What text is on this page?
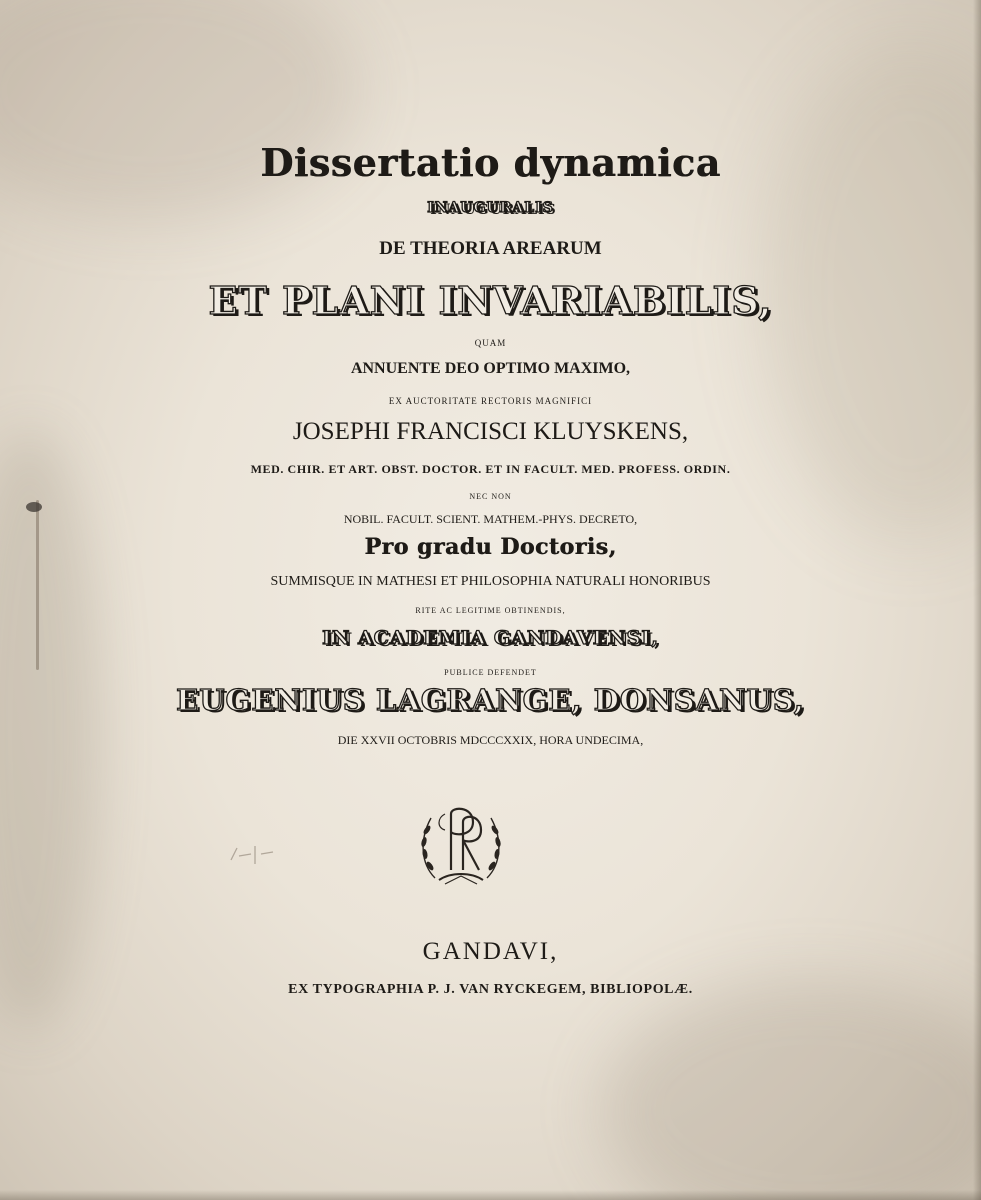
Dissertatio dynamica

INAUGURALIS

DE THEORIA AREARUM

ET PLANI INVARIABILIS,

QUAM

ANNUENTE DEO OPTIMO MAXIMO,

EX AUCTORITATE RECTORIS MAGNIFICI

JOSEPHI FRANCISCI KLUYSKENS,

MED. CHIR. ET ART. OBST. DOCTOR. ET IN FACULT. MED. PROFESS. ORDIN.

NEC NON

NOBIL. FACULT. SCIENT. MATHEM.-PHYS. DECRETO,

Pro gradu Doctoris,

SUMMISQUE IN MATHESI ET PHILOSOPHIA NATURALI HONORIBUS

RITE AC LEGITIME OBTINENDIS,

IN ACADEMIA GANDAVENSI,

PUBLICE DEFENDET

EUGENIUS LAGRANGE, DONSANUS,

DIE XXVII OCTOBRIS MDCCCXXIX, HORA UNDECIMA,

GANDAVI,

EX TYPOGRAPHIA P. J. VAN RYCKEGEM, BIBLIOPOLÆ.
